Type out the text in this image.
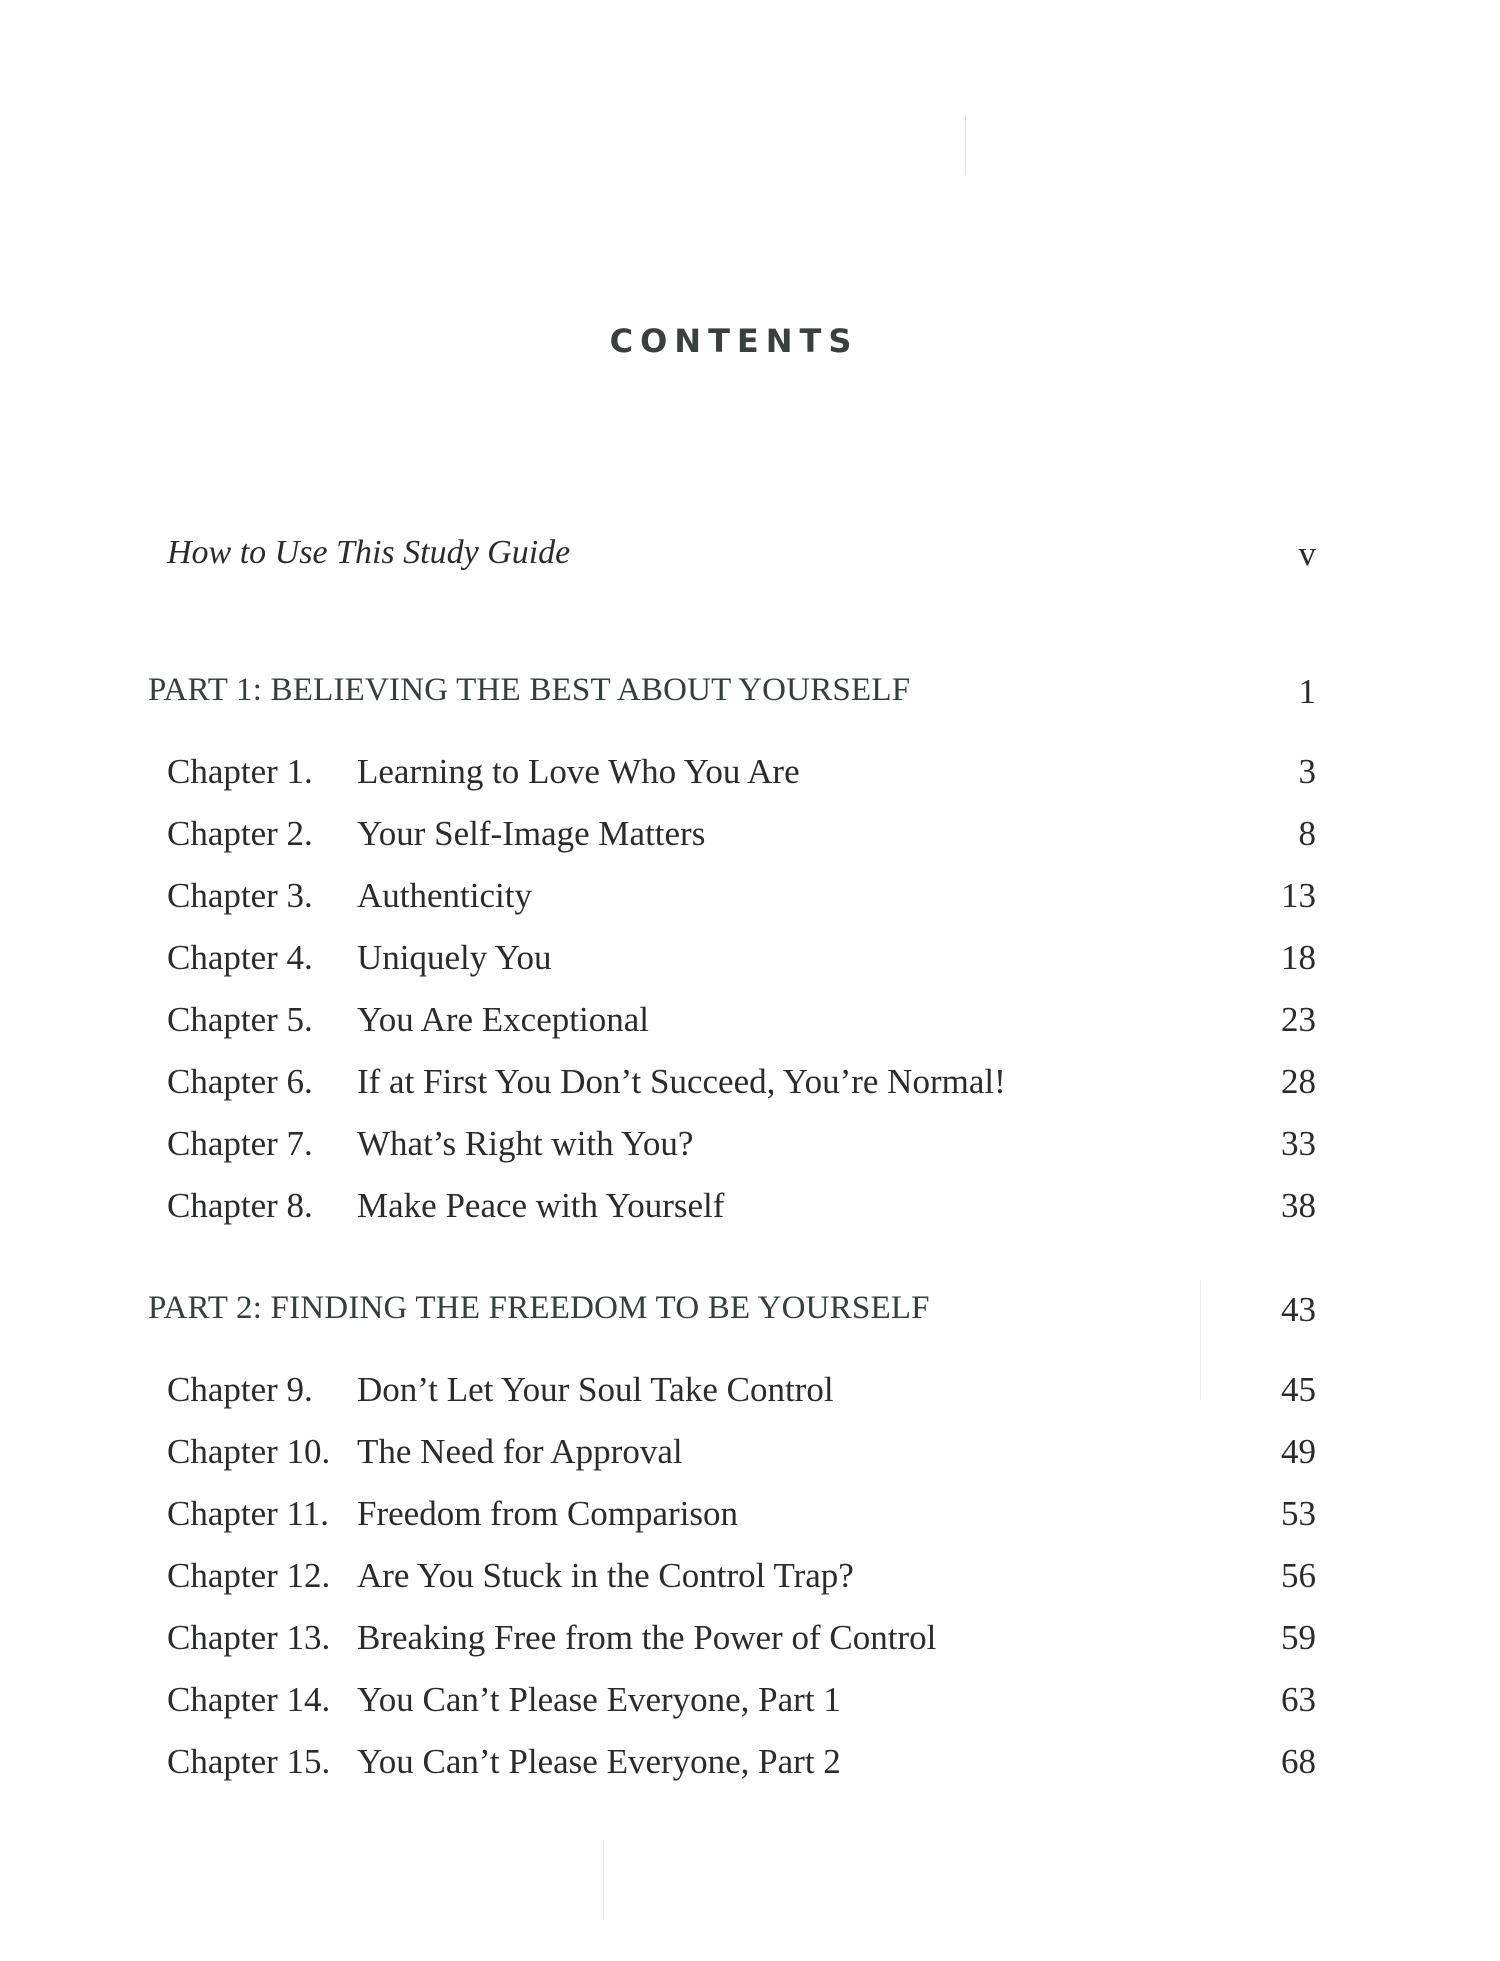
CONTENTS
How to Use This Study Guide	v
PART 1: BELIEVING THE BEST ABOUT YOURSELF	1
Chapter 1. Learning to Love Who You Are	3
Chapter 2. Your Self-Image Matters	8
Chapter 3. Authenticity	13
Chapter 4. Uniquely You	18
Chapter 5. You Are Exceptional	23
Chapter 6. If at First You Don’t Succeed, You’re Normal!	28
Chapter 7. What’s Right with You?	33
Chapter 8. Make Peace with Yourself	38
PART 2: FINDING THE FREEDOM TO BE YOURSELF	43
Chapter 9. Don’t Let Your Soul Take Control	45
Chapter 10. The Need for Approval	49
Chapter 11. Freedom from Comparison	53
Chapter 12. Are You Stuck in the Control Trap?	56
Chapter 13. Breaking Free from the Power of Control	59
Chapter 14. You Can’t Please Everyone, Part 1	63
Chapter 15. You Can’t Please Everyone, Part 2	68
